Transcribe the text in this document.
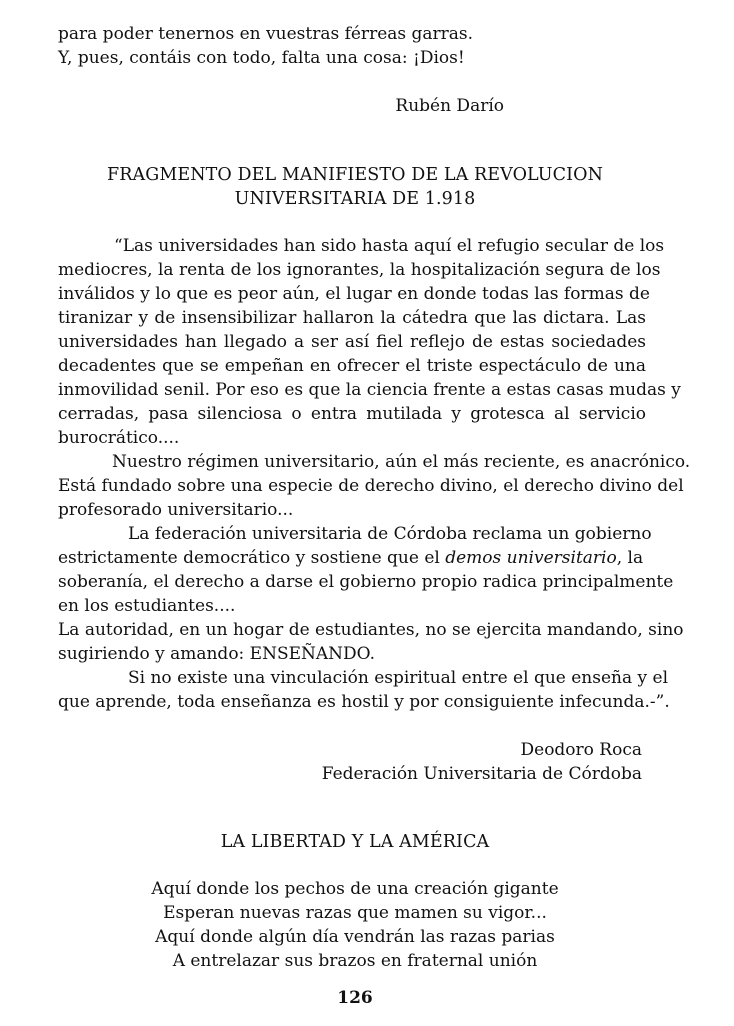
para poder tenernos en vuestras férreas garras.
Y, pues, contáis con todo, falta una cosa: ¡Dios!
Rubén Darío
FRAGMENTO DEL MANIFIESTO DE LA REVOLUCION
UNIVERSITARIA DE 1.918
“Las universidades han sido hasta aquí el refugio secular de los
mediocres, la renta de los ignorantes, la hospitalización segura de los
inválidos y lo que es peor aún, el lugar en donde todas las formas de
tiranizar y de insensibilizar hallaron la cátedra que las dictara. Las
universidades han llegado a ser así fiel reflejo de estas sociedades
decadentes que se empeñan en ofrecer el triste espectáculo de una
inmovilidad senil. Por eso es que la ciencia frente a estas casas mudas y
cerradas, pasa silenciosa o entra mutilada y grotesca al servicio
burocrático....
Nuestro régimen universitario, aún el más reciente, es anacrónico.
Está fundado sobre una especie de derecho divino, el derecho divino del
profesorado universitario...
La federación universitaria de Córdoba reclama un gobierno
estrictamente democrático y sostiene que el demos universitario, la
soberanía, el derecho a darse el gobierno propio radica principalmente
en los estudiantes....
La autoridad, en un hogar de estudiantes, no se ejercita mandando, sino
sugiriendo y amando: ENSEÑANDO.
Si no existe una vinculación espiritual entre el que enseña y el
que aprende, toda enseñanza es hostil y por consiguiente infecunda.-”.
Deodoro Roca
Federación Universitaria de Córdoba
LA LIBERTAD Y LA AMÉRICA
Aquí donde los pechos de una creación gigante
Esperan nuevas razas que mamen su vigor...
Aquí donde algún día vendrán las razas parias
A entrelazar sus brazos en fraternal unión
126
